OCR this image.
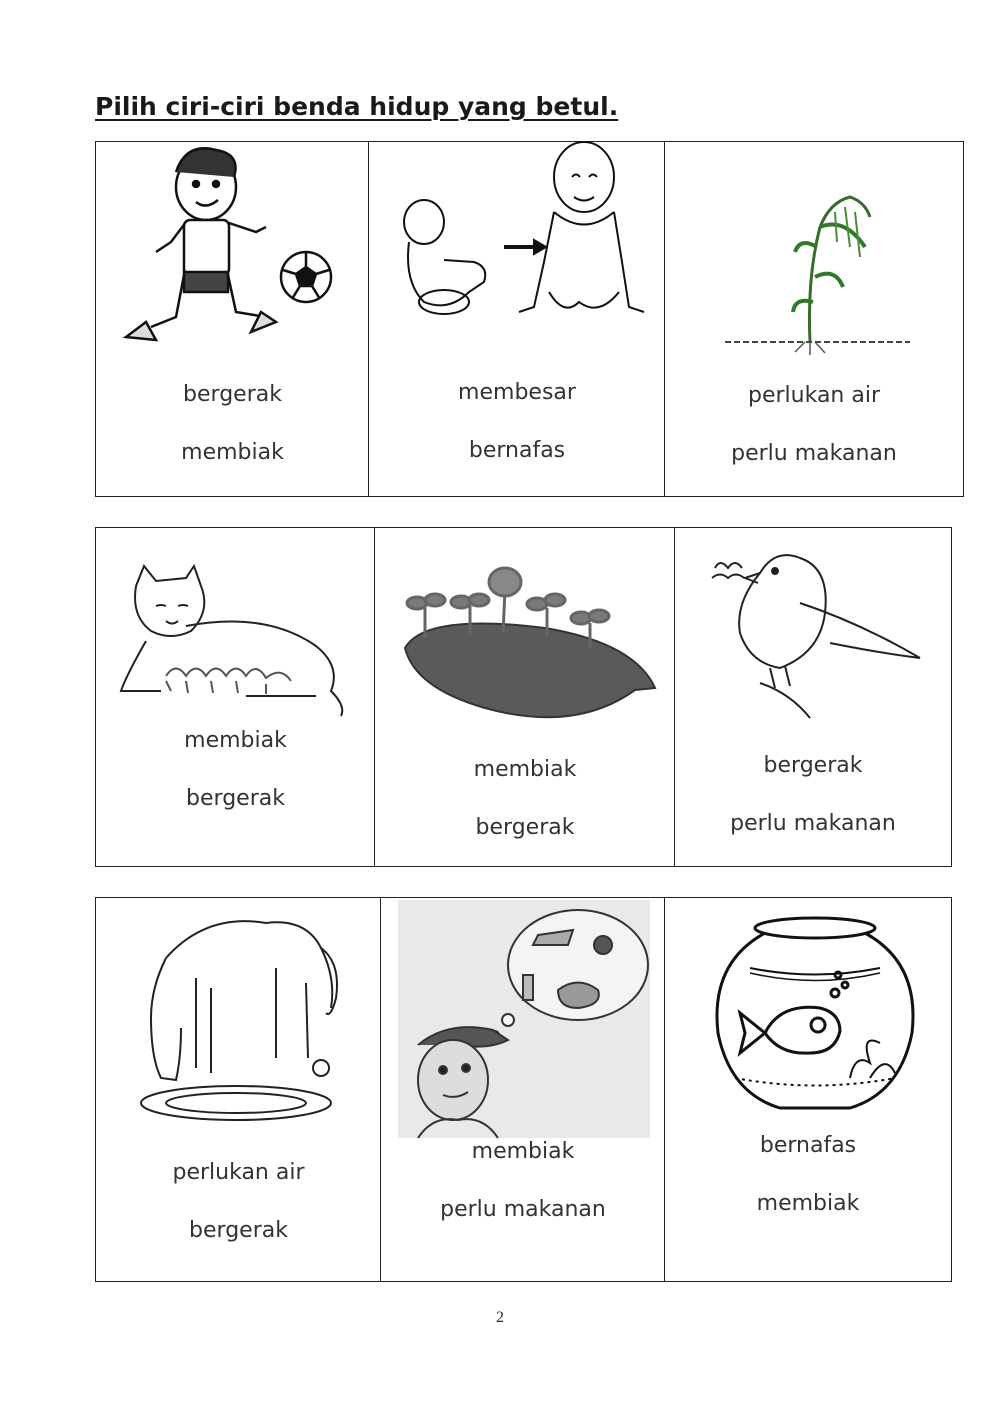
Pilih ciri-ciri benda hidup yang betul.
bergerak
membiak
membesar
bernafas
perlukan air
perlu makanan
membiak
bergerak
membiak
bergerak
bergerak
perlu makanan
perlukan air
bergerak
membiak
perlu makanan
bernafas
membiak
2
